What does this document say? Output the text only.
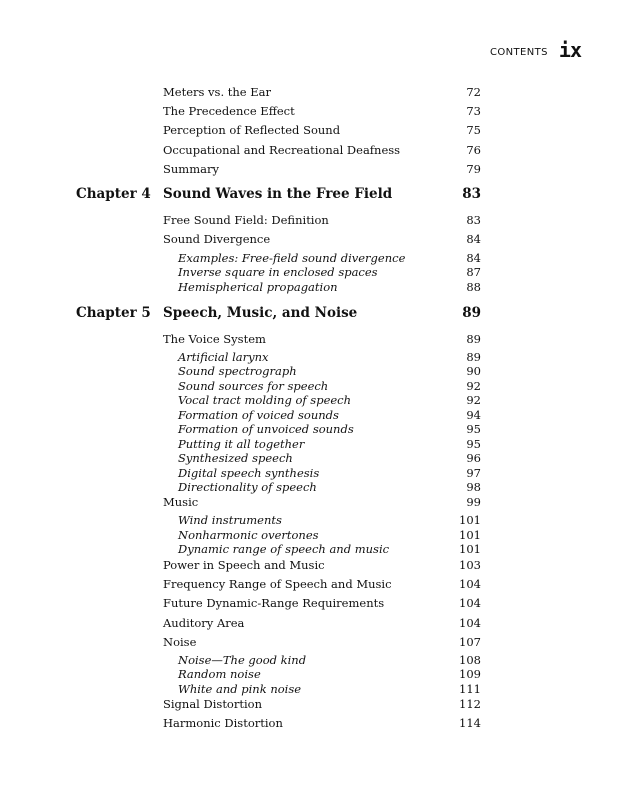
CONTENTS ix
Meters vs. the Ear	72
The Precedence Effect	73
Perception of Reflected Sound	75
Occupational and Recreational Deafness	76
Summary	79
Chapter 4 Sound Waves in the Free Field	83
Free Sound Field: Definition	83
Sound Divergence	84
Examples: Free-field sound divergence	84
Inverse square in enclosed spaces	87
Hemispherical propagation	88
Chapter 5 Speech, Music, and Noise	89
The Voice System	89
Artificial larynx	89
Sound spectrograph	90
Sound sources for speech	92
Vocal tract molding of speech	92
Formation of voiced sounds	94
Formation of unvoiced sounds	95
Putting it all together	95
Synthesized speech	96
Digital speech synthesis	97
Directionality of speech	98
Music	99
Wind instruments	101
Nonharmonic overtones	101
Dynamic range of speech and music	101
Power in Speech and Music	103
Frequency Range of Speech and Music	104
Future Dynamic-Range Requirements	104
Auditory Area	104
Noise	107
Noise—The good kind	108
Random noise	109
White and pink noise	111
Signal Distortion	112
Harmonic Distortion	114
